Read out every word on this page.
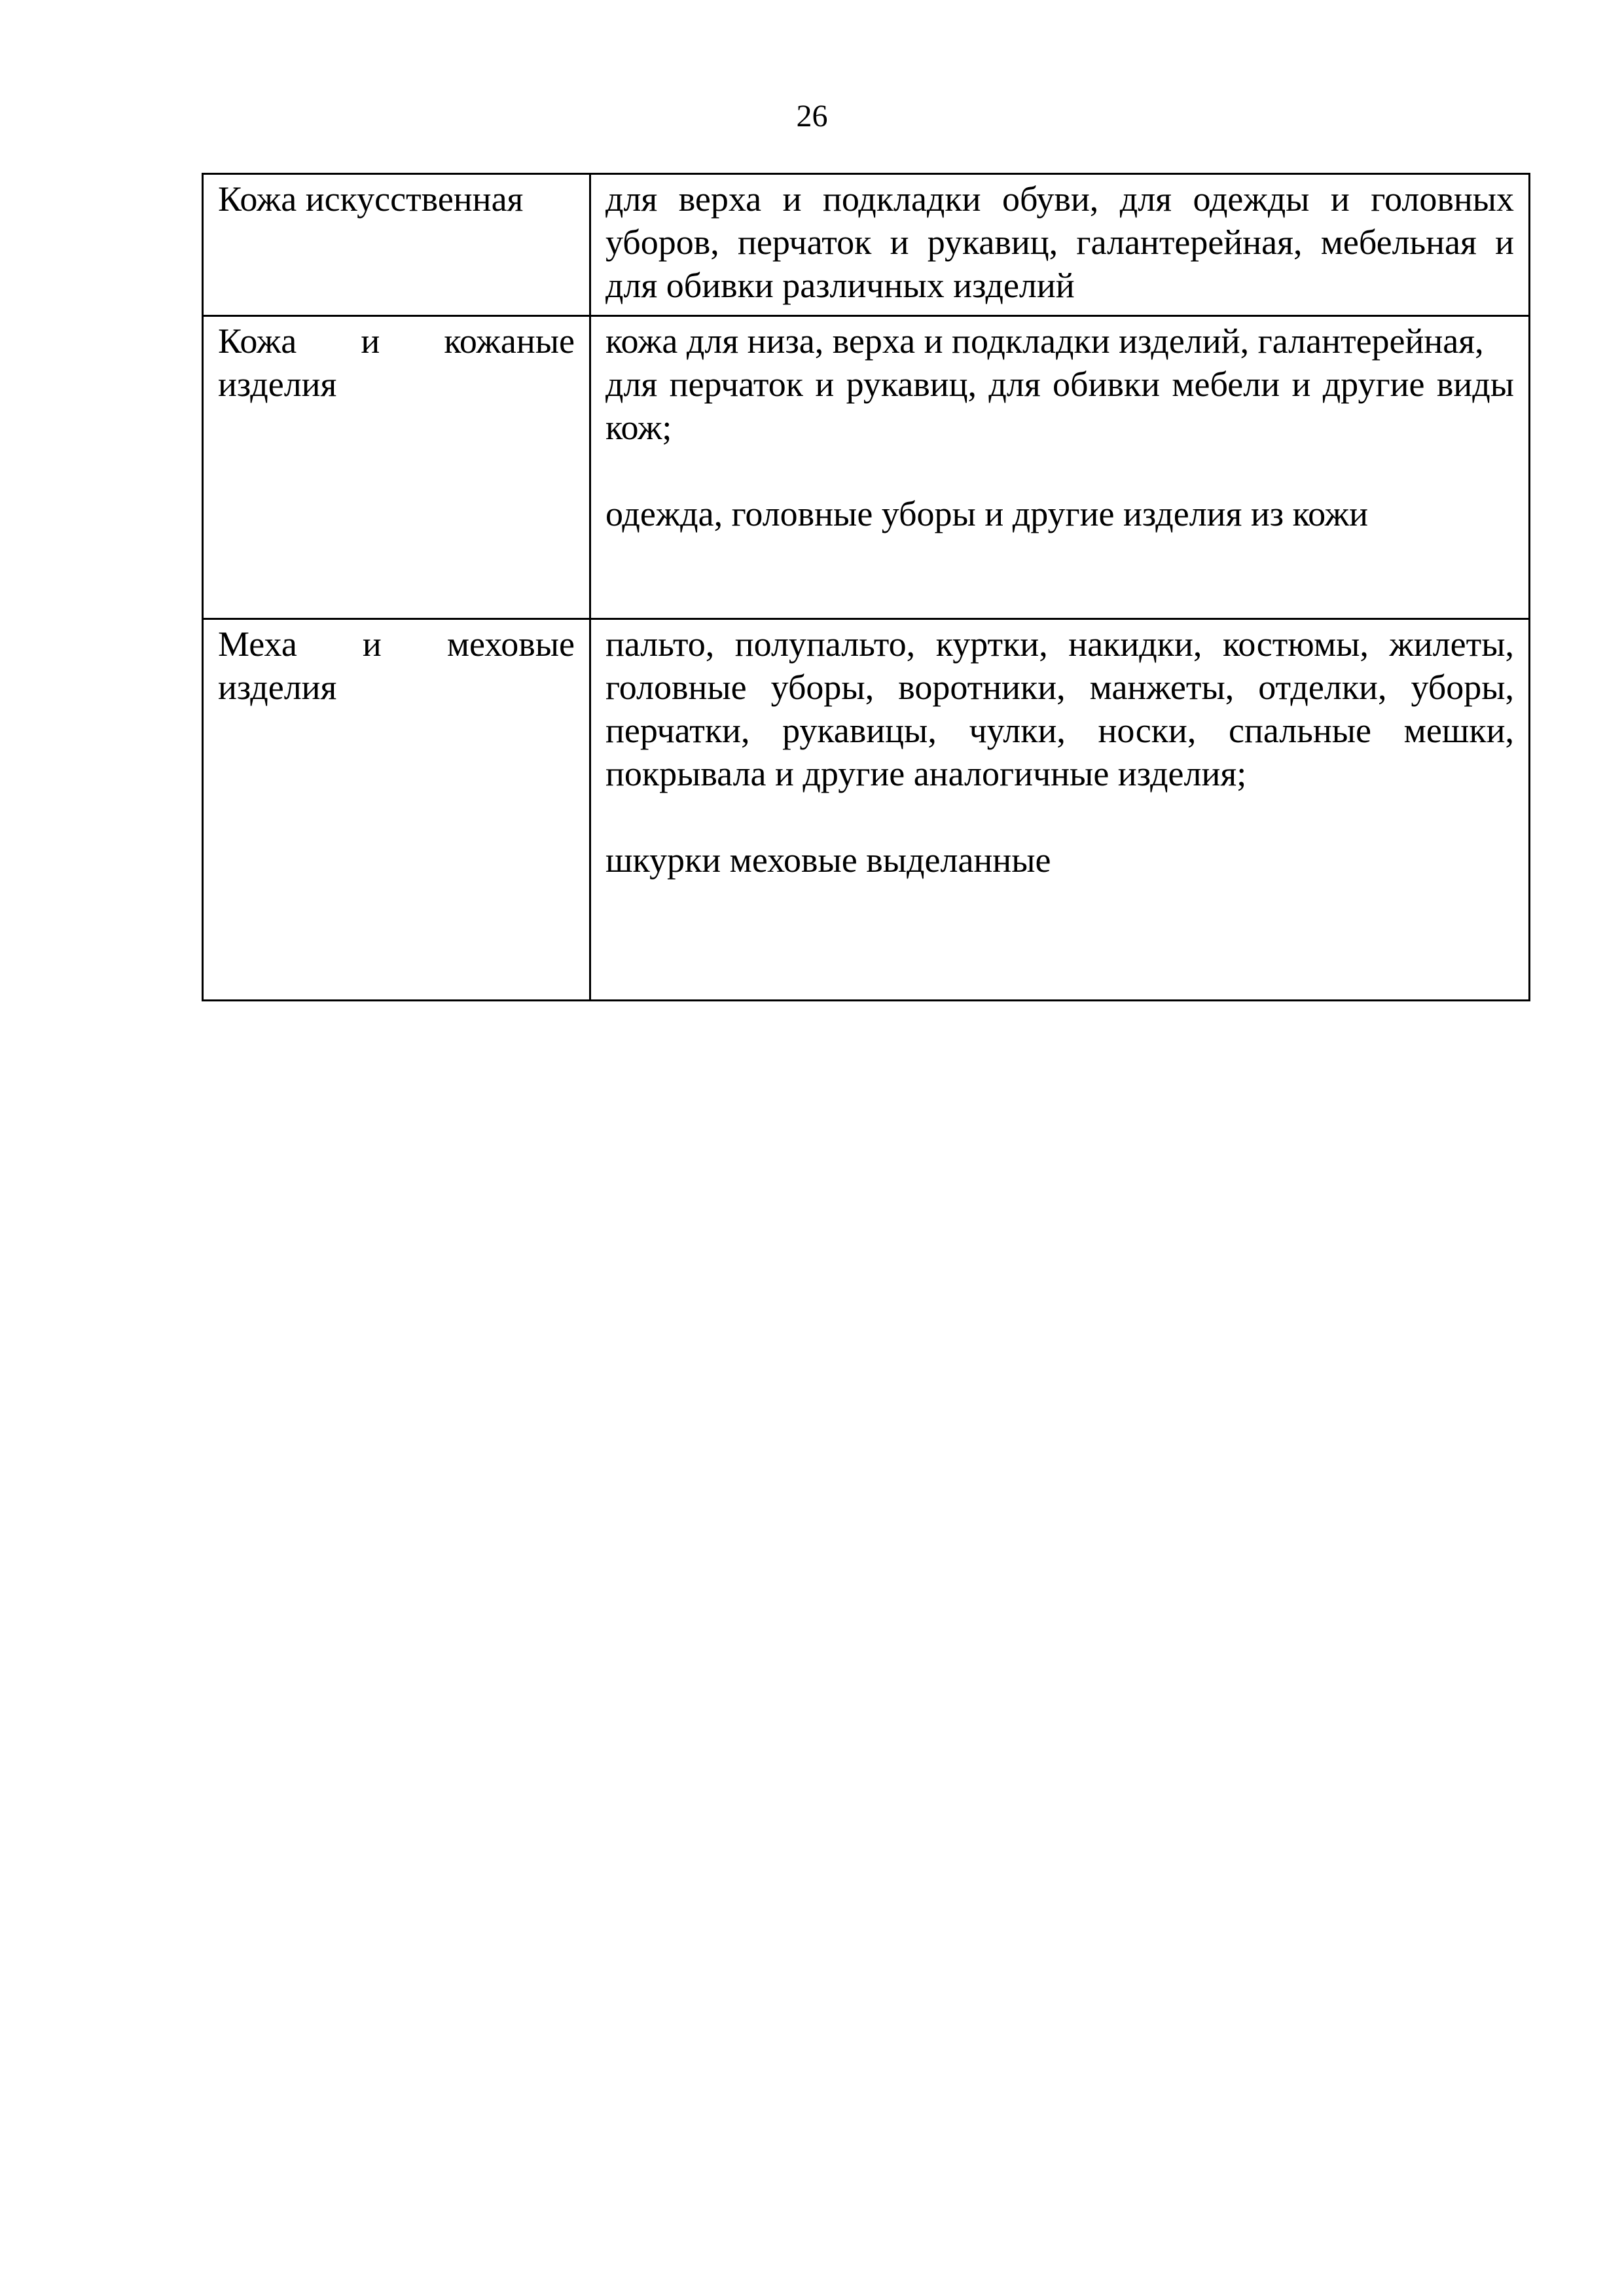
26
Кожа искусственная	для верха и подкладки обуви, для одежды и головных уборов, перчаток и рукавиц, галантерейная, мебельная и для обивки различных изделий

Кожа и кожаные изделия	кожа для низа, верха и подкладки изделий, галантерейная,
для перчаток и рукавиц, для обивки мебели и другие виды кож;
одежда, головные уборы и другие изделия из кожи

Меха и меховые изделия	пальто, полупальто, куртки, накидки, костюмы, жилеты, головные уборы, воротники, манжеты, отделки, уборы, перчатки, рукавицы, чулки, носки, спальные мешки, покрывала и другие аналогичные изделия;
шкурки меховые выделанные
